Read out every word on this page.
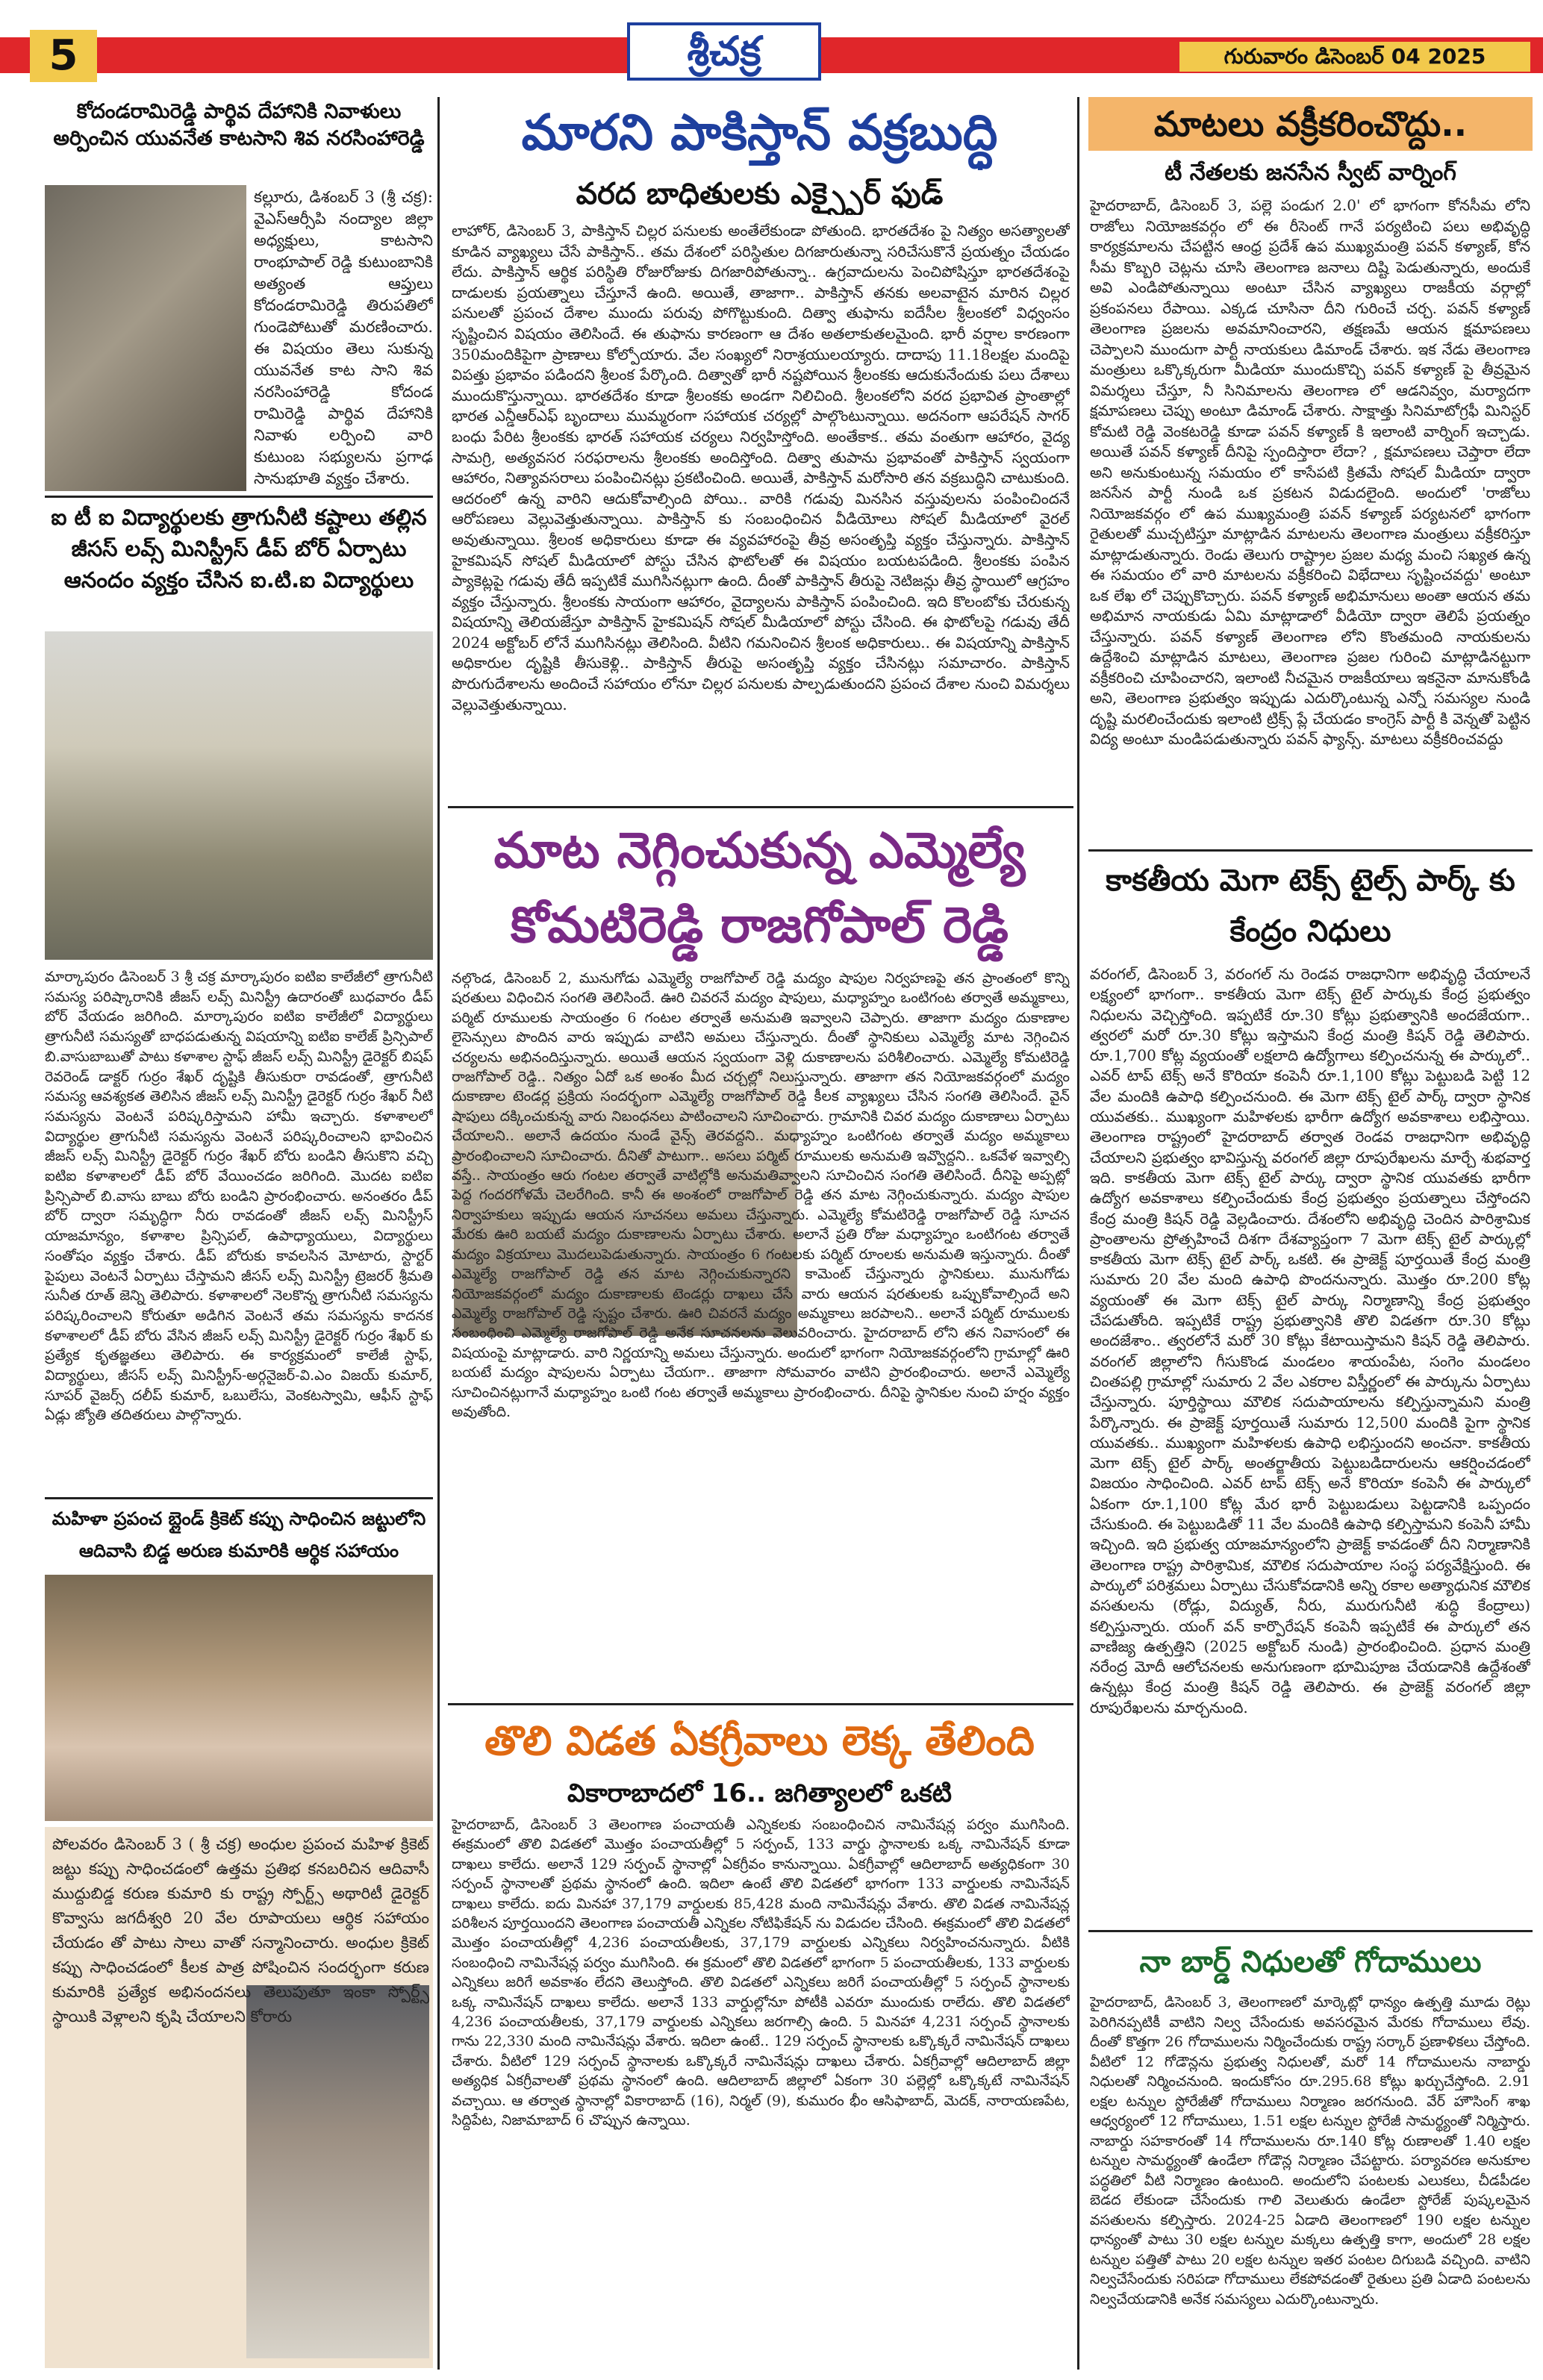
5	శ్రీచక్ర	గురువారం డిసెంబర్ 04 2025
కోదండరామిరెడ్డి పార్థివ దేహానికి నివాళులు అర్పించిన యువనేత కాటసాని శివ నరసింహారెడ్డి

కల్లూరు, డిశంబర్ 3 (శ్రీ చక్ర): వైఎస్ఆర్సీపి నంద్యాల జిల్లా అధ్యక్షులు, కాటసాని రాంభూపాల్ రెడ్డి కుటుంబానికి అత్యంత ఆప్తులు కోదండరామిరెడ్డి తిరుపతిలో గుండెపోటుతో మరణించారు. ఈ విషయం తెలు సుకున్న యువనేత కాట సాని శివ నరసింహారెడ్డి కోదండ రామిరెడ్డి పార్థివ దేహానికి నివాళు లర్పించి వారి కుటుంబ సభ్యులను ప్రగాఢ సానుభూతి వ్యక్తం చేశారు.

ఐ టీ ఐ విద్యార్థులకు త్రాగునీటి కష్టాలు తల్లిన జీసస్ లవ్స్ మినిస్ట్రీస్ డీప్ బోర్ ఏర్పాటు ఆనందం వ్యక్తం చేసిన ఐ.టి.ఐ విద్యార్థులు

మార్కాపురం డిసెంబర్ 3 శ్రీ చక్ర మార్కాపురం ఐటిఐ కాలేజీలో త్రాగునీటి సమస్య పరిష్కారానికి జీజస్ లవ్స్ మినిస్ట్రీ ఉదారంతో బుధవారం డీప్ బోర్ వేయడం జరిగింది. మార్కాపురం ఐటిఐ కాలేజీలో విద్యార్థులు త్రాగునీటి సమస్యతో బాధపడుతున్న విషయాన్ని ఐటిఐ కాలేజ్ ప్రిన్సిపాల్ బి.వాసుబాబుతో పాటు కళాశాల స్టాఫ్ జీజస్ లవ్స్ మినిస్ట్రీ డైరెక్టర్ బిషప్ రెవరెండ్ డాక్టర్ గుర్రం శేఖర్ దృష్టికి తీసుకురా రావడంతో, త్రాగునీటి సమస్య ఆవశ్యకత తెలిసిన జీజస్ లవ్స్ మినిస్ట్రీ డైరెక్టర్ గుర్రం శేఖర్ నీటి సమస్యను వెంటనే పరిష్కరిస్తామని హామీ ఇచ్చారు. కళాశాలలో విద్యార్థుల త్రాగునీటి సమస్యను వెంటనే పరిష్కరించాలని భావించిన జీజస్ లవ్స్ మినిస్ట్రీ డైరెక్టర్ గుర్రం శేఖర్ బోరు బండిని తీసుకొని వచ్చి ఐటిఐ కళాశాలలో డీప్ బోర్ వేయించడం జరిగింది. మొదట ఐటిఐ ప్రిన్సిపాల్ బి.వాసు బాబు బోరు బండిని ప్రారంభించారు. అనంతరం డీప్ బోర్ ద్వారా సమృద్ధిగా నీరు రావడంతో జీజస్ లవ్స్ మినిస్ట్రీస్ యాజమాన్యం, కళాశాల ప్రిన్సిపల్, ఉపాధ్యాయులు, విద్యార్థులు సంతోషం వ్యక్తం చేశారు. డీప్ బోరుకు కావలసిన మోటారు, స్టార్టర్ పైపులు వెంటనే ఏర్పాటు చేస్తామని జీసస్ లవ్స్ మినిస్ట్రీ ట్రెజరర్ శ్రీమతి సునీత రూత్ జెన్ని తెలిపారు. కళాశాలలో నెలకొన్న త్రాగునీటి సమస్యను పరిష్కరించాలని కోరుతూ అడిగిన వెంటనే తమ సమస్యను కాదనక కళాశాలలో డీప్ బోరు వేసిన జీజస్ లవ్స్ మినిస్ట్రీ డైరెక్టర్ గుర్రం శేఖర్ కు ప్రత్యేక కృతజ్ఞతలు తెలిపారు. ఈ కార్యక్రమంలో కాలేజీ స్టాఫ్, విద్యార్థులు, జీసస్ లవ్స్ మినిస్ట్రీస్-అర్గనైజర్-వి.ఎం విజయ్ కుమార్, సూపర్ వైజర్స్ దలీప్ కుమార్, ఒబులేసు, వెంకటస్వామి, ఆఫీస్ స్టాఫ్ ఏడ్లు జ్యోతి తదితరులు పాల్గొన్నారు.

మహిళా ప్రపంచ బ్లైండ్ క్రికెట్ కప్పు సాధించిన జట్టులోని ఆదివాసి బిడ్డ అరుణ కుమారికి ఆర్థిక సహాయం

పోలవరం డిసెంబర్ 3 ( శ్రీ చక్ర) అంధుల ప్రపంచ మహిళ క్రికెట్ జట్టు కప్పు సాధించడంలో ఉత్తమ ప్రతిభ కనబరిచిన ఆదివాసీ ముద్దుబిడ్డ కరుణ కుమారి కు రాష్ట్ర స్పోర్ట్స్ అథారిటీ డైరెక్టర్ కొవ్వాసు జగదీశ్వరి 20 వేల రూపాయలు ఆర్థిక సహాయం చేయడం తో పాటు సాలు వాతో సన్మానించారు. అంధుల క్రికెట్ కప్పు సాధించడంలో కీలక పాత్ర పోషించిన సందర్భంగా కరుణ కుమారికి ప్రత్యేక అభినందనలు తెలుపుతూ ఇంకా స్పోర్ట్స్ స్థాయికి వెళ్లాలని కృషి చేయాలని కోరారు

మారని పాకిస్తాన్ వక్రబుద్ధి
వరద బాధితులకు ఎక్స్పైర్ ఫుడ్

లాహోర్, డిసెంబర్ 3, పాకిస్తాన్ చిల్లర పనులకు అంతేలేకుండా పోతుంది. భారతదేశం పై నిత్యం అసత్యాలతో కూడిన వ్యాఖ్యలు చేసే పాకిస్తాన్.. తమ దేశంలో పరిస్థితుల దిగజారుతున్నా సరిచేసుకొనే ప్రయత్నం చేయడం లేదు. పాకిస్తాన్ ఆర్థిక పరిస్థితి రోజురోజుకు దిగజారిపోతున్నా.. ఉగ్రవాదులను పెంచిపోషిస్తూ భారతదేశంపై దాడులకు ప్రయత్నాలు చేస్తూనే ఉంది. అయితే, తాజాగా.. పాకిస్తాన్ తనకు అలవాటైన మారిన చిల్లర పనులతో ప్రపంచ దేశాల ముందు పరువు పోగొట్టుకుంది. దిత్వా తుఫాను ఐదేసీల శ్రీలంకలో విధ్వంసం సృష్టించిన విషయం తెలిసిందే. ఈ తుఫాను కారణంగా ఆ దేశం అతలాకుతలమైంది. భారీ వర్షాల కారణంగా 350మందికిపైగా ప్రాణాలు కోల్పోయారు. వేల సంఖ్యలో నిరాశ్రయులయ్యారు. దాదాపు 11.18లక్షల మందిపై విపత్తు ప్రభావం పడిందని శ్రీలంక పేర్కొంది. దిత్వాతో భారీ నష్టపోయిన శ్రీలంకకు ఆదుకునేందుకు పలు దేశాలు ముందుకొస్తున్నాయి. భారతదేశం కూడా శ్రీలంకకు అండగా నిలిచింది. శ్రీలంకలోని వరద ప్రభావిత ప్రాంతాల్లో భారత ఎన్డీఆర్ఎఫ్ బృందాలు ముమ్మరంగా సహాయక చర్యల్లో పాల్గొంటున్నాయి. అదనంగా ఆపరేషన్ సాగర్ బంధు పేరిట శ్రీలంకకు భారత్ సహాయక చర్యలు నిర్వహిస్తోంది. అంతేకాక.. తమ వంతుగా ఆహారం, వైద్య సామగ్రి, అత్యవసర సరఫరాలను శ్రీలంకకు అందిస్తోంది. దిత్వా తుపాను ప్రభావంతో పాకిస్తాన్ స్వయంగా ఆహారం, నిత్యావసరాలు పంపించినట్లు ప్రకటించింది. అయితే, పాకిస్తాన్ మరోసారి తన వక్రబుద్ధిని చాటుకుంది. ఆదరంలో ఉన్న వారిని ఆదుకోవాల్సింది పోయి.. వారికి గడువు మినసిన వస్తువులను పంపించిందనే ఆరోపణలు వెల్లువెత్తుతున్నాయి. పాకిస్తాన్ కు సంబంధించిన వీడియోలు సోషల్ మీడియాలో వైరల్ అవుతున్నాయి. శ్రీలంక అధికారులు కూడా ఈ వ్యవహారంపై తీవ్ర అసంతృప్తి వ్యక్తం చేస్తున్నారు. పాకిస్తాన్ హైకమిషన్ సోషల్ మీడియాలో పోస్టు చేసిన ఫొటోలతో ఈ విషయం బయటపడింది. శ్రీలంకకు పంపిన ప్యాకెట్లపై గడువు తేదీ ఇప్పటికే ముగిసినట్లుగా ఉంది. దీంతో పాకిస్తాన్ తీరుపై నెటిజన్లు తీవ్ర స్థాయిలో ఆగ్రహం వ్యక్తం చేస్తున్నారు. శ్రీలంకకు సాయంగా ఆహారం, వైద్యాలను పాకిస్తాన్ పంపించింది. ఇది కొలంబోకు చేరుకున్న విషయాన్ని తెలియజేస్తూ పాకిస్తాన్ హైకమిషన్ సోషల్ మీడియాలో పోస్టు చేసింది. ఈ ఫొటోలపై గడువు తేదీ 2024 అక్టోబర్ లోనే ముగిసినట్లు తెలిసింది. వీటిని గమనించిన శ్రీలంక అధికారులు.. ఈ విషయాన్ని పాకిస్తాన్ అధికారుల దృష్టికి తీసుకెళ్లి.. పాకిస్తాన్ తీరుపై అసంతృప్తి వ్యక్తం చేసినట్లు సమాచారం. పాకిస్తాన్ పొరుగుదేశాలను అందించే సహాయం లోనూ చిల్లర పనులకు పాల్పడుతుందని ప్రపంచ దేశాల నుంచి విమర్శలు వెల్లువెత్తుతున్నాయి.

మాట నెగ్గించుకున్న ఎమ్మెల్యే
కోమటిరెడ్డి రాజగోపాల్ రెడ్డి

నల్గొండ, డిసెంబర్ 2, మునుగోడు ఎమ్మెల్యే రాజగోపాల్ రెడ్డి మద్యం షాపుల నిర్వహణపై తన ప్రాంతంలో కొన్ని షరతులు విధించిన సంగతి తెలిసిందే. ఊరి చివరనే మద్యం షాపులు, మధ్యాహ్నం ఒంటిగంట తర్వాతే అమ్మకాలు, పర్మిట్ రూములకు సాయంత్రం 6 గంటల తర్వాతే అనుమతి ఇవ్వాలని చెప్పారు. తాజాగా మద్యం దుకాణాల లైసెన్సులు పొందిన వారు ఇప్పుడు వాటిని అమలు చేస్తున్నారు. దీంతో స్థానికులు ఎమ్మెల్యే మాట నెగ్గించిన చర్యలను అభినందిస్తున్నారు. అయితే ఆయన స్వయంగా వెళ్లి దుకాణాలను పరిశీలించారు. ఎమ్మెల్యే కోమటిరెడ్డి రాజగోపాల్ రెడ్డి.. నిత్యం ఏదో ఒక అంశం మీద చర్చల్లో నిలుస్తున్నారు. తాజాగా తన నియోజకవర్గంలో మద్యం దుకాణాల టెండర్ల ప్రక్రియ సందర్భంగా ఎమ్మెల్యే రాజగోపాల్ రెడ్డి కీలక వ్యాఖ్యలు చేసిన సంగతి తెలిసిందే. వైన్ షాపులు దక్కించుకున్న వారు నిబంధనలు పాటించాలని సూచించారు. గ్రామానికి చివర మద్యం దుకాణాలు ఏర్పాటు చేయాలని.. అలానే ఉదయం నుండే వైన్స్ తెరవద్దని.. మధ్యాహ్నం ఒంటిగంట తర్వాతే మద్యం అమ్మకాలు ప్రారంభించాలని సూచించారు. దీనితో పాటుగా.. అసలు పర్మిట్ రూములకు అనుమతి ఇవ్వొద్దని.. ఒకవేళ ఇవ్వాల్సి వస్తే.. సాయంత్రం ఆరు గంటల తర్వాతే వాటిల్లోకి అనుమతివ్వాలని సూచించిన సంగతి తెలిసిందే. దీనిపై అప్పట్లో పెద్ద గందరగోళమే చెలరేగింది. కానీ ఈ అంశంలో రాజగోపాల్ రెడ్డి తన మాట నెగ్గించుకున్నారు. మద్యం షాపుల నిర్వాహకులు ఇప్పుడు ఆయన సూచనలు అమలు చేస్తున్నారు. ఎమ్మెల్యే కోమటిరెడ్డి రాజగోపాల్ రెడ్డి సూచన మేరకు ఊరి బయటే మద్యం దుకాణాలను ఏర్పాటు చేశారు. అలానే ప్రతి రోజు మధ్యాహ్నం ఒంటిగంట తర్వాతే మద్యం విక్రయాలు మొదలుపెడుతున్నారు. సాయంత్రం 6 గంటలకు పర్మిట్ రూంలకు అనుమతి ఇస్తున్నారు. దీంతో ఎమ్మెల్యే రాజగోపాల్ రెడ్డి తన మాట నెగ్గించుకున్నారని కామెంట్ చేస్తున్నారు స్థానికులు. మునుగోడు నియోజకవర్గంలో మద్యం దుకాణాలకు టెండర్లు దాఖలు చేసే వారు ఆయన షరతులకు ఒప్పుకోవాల్సిందే అని ఎమ్మెల్యే రాజగోపాల్ రెడ్డి స్పష్టం చేశారు. ఊరి చివరనే మద్యం అమ్మకాలు జరపాలని.. అలానే పర్మిట్ రూములకు సంబంధించి ఎమ్మెల్యే రాజగోపాల్ రెడ్డి అనేక సూచనలను వెలువరించారు. హైదరాబాద్ లోని తన నివాసంలో ఈ విషయంపై మాట్లాడారు. వారి నిర్ణయాన్ని అమలు చేస్తున్నారు. అందులో భాగంగా నియోజకవర్గంలోని గ్రామాల్లో ఊరి బయటే మద్యం షాపులను ఏర్పాటు చేయగా.. తాజాగా సోమవారం వాటిని ప్రారంభించారు. అలానే ఎమ్మెల్యే సూచించినట్లుగానే మధ్యాహ్నం ఒంటి గంట తర్వాతే అమ్మకాలు ప్రారంభించారు. దీనిపై స్థానికుల నుంచి హర్షం వ్యక్తం అవుతోంది.

తొలి విడత ఏకగ్రీవాలు లెక్క తేలింది
వికారాబాదలో 16.. జగిత్యాలలో ఒకటి

హైదరాబాద్, డిసెంబర్ 3 తెలంగాణ పంచాయతీ ఎన్నికలకు సంబంధించిన నామినేషన్ల పర్వం ముగిసింది. ఈక్రమంలో తొలి విడతలో మొత్తం పంచాయతీల్లో 5 సర్పంచ్, 133 వార్డు స్థానాలకు ఒక్క నామినేషన్ కూడా దాఖలు కాలేదు. అలానే 129 సర్పంచ్ స్థానాల్లో ఏకగ్రీవం కానున్నాయి. ఏకగ్రీవాల్లో ఆదిలాబాద్ అత్యధికంగా 30 సర్పంచ్ స్థానాలతో ప్రథమ స్థానంలో ఉంది. ఇదిలా ఉంటే తొలి విడతలో భాగంగా 133 వార్డులకు నామినేషన్ దాఖలు కాలేదు. ఐదు మినహా 37,179 వార్డులకు 85,428 మంది నామినేషన్లు వేశారు. తొలి విడత నామినేషన్ల పరిశీలన పూర్తయిందని తెలంగాణ పంచాయతీ ఎన్నికల నోటిఫికేషన్ ను విడుదల చేసింది. ఈక్రమంలో తొలి విడతలో మొత్తం పంచాయతీల్లో 4,236 పంచాయతీలకు, 37,179 వార్డులకు ఎన్నికలు నిర్వహించనున్నారు. వీటికి సంబంధించి నామినేషన్ల పర్వం ముగిసింది. ఈ క్రమంలో తొలి విడతలో భాగంగా 5 పంచాయతీలకు, 133 వార్డులకు ఎన్నికలు జరిగే అవకాశం లేదని తెలుస్తోంది. తొలి విడతలో ఎన్నికలు జరిగే పంచాయతీల్లో 5 సర్పంచ్ స్థానాలకు ఒక్క నామినేషన్ దాఖలు కాలేదు. అలానే 133 వార్డుల్లోనూ పోటీకి ఎవరూ ముందుకు రాలేదు. తొలి విడతలో 4,236 పంచాయతీలకు, 37,179 వార్డులకు ఎన్నికలు జరగాల్సి ఉంది. 5 మినహా 4,231 సర్పంచ్ స్థానాలకు గాను 22,330 మంది నామినేషన్లు వేశారు. ఇదిలా ఉంటే.. 129 సర్పంచ్ స్థానాలకు ఒక్కొక్కరే నామినేషన్ దాఖలు చేశారు. వీటిలో 129 సర్పంచ్ స్థానాలకు ఒక్కొక్కరే నామినేషన్లు దాఖలు చేశారు. ఏకగ్రీవాల్లో ఆదిలాబాద్ జిల్లా అత్యధిక ఏకగ్రీవాలతో ప్రథమ స్థానంలో ఉంది. ఆదిలాబాద్ జిల్లాలో ఏకంగా 30 పల్లెల్లో ఒక్కొక్కటే నామినేషన్ వచ్చాయి. ఆ తర్వాత స్థానాల్లో వికారాబాద్ (16), నిర్మల్ (9), కుమురం భీం ఆసిఫాబాద్, మెదక్, నారాయణపేట, సిద్దిపేట, నిజామాబాద్ 6 చొప్పున ఉన్నాయి.

మాటలు వక్రీకరించొద్దు..
టీ నేతలకు జనసేన స్వీట్ వార్నింగ్

హైదరాబాద్, డిసెంబర్ 3, పల్లె పండుగ 2.0' లో భాగంగా కోనసీమ లోని రాజోలు నియోజకవర్గం లో ఈ రీసెంట్ గానే పర్యటించి పలు అభివృద్ధి కార్యక్రమాలను చేపట్టిన ఆంధ్ర ప్రదేశ్ ఉప ముఖ్యమంత్రి పవన్ కళ్యాణ్, కోన సీమ కొబ్బరి చెట్లను చూసి తెలంగాణ జనాలు దిష్టి పెడుతున్నారు, అందుకే అవి ఎండిపోతున్నాయి అంటూ చేసిన వ్యాఖ్యలు రాజకీయ వర్గాల్లో ప్రకంపనలు రేపాయి. ఎక్కడ చూసినా దీని గురించే చర్చ. పవన్ కళ్యాణ్ తెలంగాణ ప్రజలను అవమానించారని, తక్షణమే ఆయన క్షమాపణలు చెప్పాలని ముందుగా పార్టీ నాయకులు డిమాండ్ చేశారు. ఇక నేడు తెలంగాణ మంత్రులు ఒక్కొక్కరుగా మీడియా ముందుకొచ్చి పవన్ కళ్యాణ్ పై తీవ్రమైన విమర్శలు చేస్తూ, నీ సినిమాలను తెలంగాణ లో ఆడనివ్వం, మర్యాదగా క్షమాపణలు చెప్పు అంటూ డిమాండ్ చేశారు. సాక్షాత్తు సినిమాటోగ్రఫీ మినిస్టర్ కోమటి రెడ్డి వెంకటరెడ్డి కూడా పవన్ కళ్యాణ్ కి ఇలాంటి వార్నింగ్ ఇచ్చాడు. అయితే పవన్ కళ్యాణ్ దీనిపై స్పందిస్తారా లేదా? , క్షమాపణలు చెప్తారా లేదా అని అనుకుంటున్న సమయం లో కాసేపటి క్రితమే సోషల్ మీడియా ద్వారా జనసేన పార్టీ నుండి ఒక ప్రకటన విడుదలైంది. అందులో 'రాజోలు నియోజకవర్గం లో ఉప ముఖ్యమంత్రి పవన్ కళ్యాణ్ పర్యటనలో భాగంగా రైతులతో ముచ్చటిస్తూ మాట్లాడిన మాటలను తెలంగాణ మంత్రులు వక్రీకరిస్తూ మాట్లాడుతున్నారు. రెండు తెలుగు రాష్ట్రాల ప్రజల మధ్య మంచి సఖ్యత ఉన్న ఈ సమయం లో వారి మాటలను వక్రీకరించి విభేదాలు సృష్టించవద్దు' అంటూ ఒక లేఖ లో చెప్పుకొచ్చారు. పవన్ కళ్యాణ్ అభిమానులు అంతా ఆయన తమ అభిమాన నాయకుడు ఏమి మాట్లాడాలో వీడియో ద్వారా తెలిపే ప్రయత్నం చేస్తున్నారు. పవన్ కళ్యాణ్ తెలంగాణ లోని కొంతమంది నాయకులను ఉద్దేశించి మాట్లాడిన మాటలు, తెలంగాణ ప్రజల గురించి మాట్లాడినట్టుగా వక్రీకరించి చూపించారని, ఇలాంటి నీచమైన రాజకీయాలు ఇకనైనా మానుకోండి అని, తెలంగాణ ప్రభుత్వం ఇప్పుడు ఎదుర్కొంటున్న ఎన్నో సమస్యల నుండి దృష్టి మరలించేందుకు ఇలాంటి ట్రిక్స్ ప్లే చేయడం కాంగ్రెస్ పార్టీ కి వెన్నతో పెట్టిన విద్య అంటూ మండిపడుతున్నారు పవన్ ఫ్యాన్స్. మాటలు వక్రీకరించవద్దు

కాకతీయ మెగా టెక్స్ టైల్స్ పార్క్ కు కేంద్రం నిధులు

వరంగల్, డిసెంబర్ 3, వరంగల్ ను రెండవ రాజధానిగా అభివృద్ధి చేయాలనే లక్ష్యంలో భాగంగా.. కాకతీయ మెగా టెక్స్ టైల్ పార్కుకు కేంద్ర ప్రభుత్వం నిధులను వెచ్చిస్తోంది. ఇప్పటికే రూ.30 కోట్లు ప్రభుత్వానికి అందజేయగా.. త్వరలో మరో రూ.30 కోట్లు ఇస్తామని కేంద్ర మంత్రి కిషన్ రెడ్డి తెలిపారు. రూ.1,700 కోట్ల వ్యయంతో లక్షలాది ఉద్యోగాలు కల్పించనున్న ఈ పార్కులో.. ఎవర్ టాప్ టెక్స్ అనే కొరియా కంపెనీ రూ.1,100 కోట్లు పెట్టుబడి పెట్టి 12 వేల మందికి ఉపాధి కల్పించనుంది. ఈ మెగా టెక్స్ టైల్ పార్క్ ద్వారా స్థానిక యువతకు.. ముఖ్యంగా మహిళలకు భారీగా ఉద్యోగ అవకాశాలు లభిస్తాయి. తెలంగాణ రాష్ట్రంలో హైదరాబాద్ తర్వాత రెండవ రాజధానిగా అభివృద్ధి చేయాలని ప్రభుత్వం భావిస్తున్న వరంగల్ జిల్లా రూపురేఖలను మార్చే శుభవార్త ఇది. కాకతీయ మెగా టెక్స్ టైల్ పార్కు ద్వారా స్థానిక యువతకు భారీగా ఉద్యోగ అవకాశాలు కల్పించేందుకు కేంద్ర ప్రభుత్వం ప్రయత్నాలు చేస్తోందని కేంద్ర మంత్రి కిషన్ రెడ్డి వెల్లడించారు. దేశంలోని అభివృద్ధి చెందిన పారిశ్రామిక ప్రాంతాలను ప్రోత్సహించే దిశగా దేశవ్యాప్తంగా 7 మెగా టెక్స్ టైల్ పార్కుల్లో కాకతీయ మెగా టెక్స్ టైల్ పార్క్ ఒకటి. ఈ ప్రాజెక్ట్ పూర్తయితే కేంద్ర మంత్రి సుమారు 20 వేల మంది ఉపాధి పొందనున్నారు. మొత్తం రూ.200 కోట్ల వ్యయంతో ఈ మెగా టెక్స్ టైల్ పార్కు నిర్మాణాన్ని కేంద్ర ప్రభుత్వం చేపడుతోంది. ఇప్పటికే రాష్ట్ర ప్రభుత్వానికి తొలి విడతగా రూ.30 కోట్లు అందజేశాం.. త్వరలోనే మరో 30 కోట్లు కేటాయిస్తామని కిషన్ రెడ్డి తెలిపారు. వరంగల్ జిల్లాలోని గీసుకొండ మండలం శాయంపేట, సంగెం మండలం చింతపల్లి గ్రామాల్లో సుమారు 2 వేల ఎకరాల విస్తీర్ణంలో ఈ పార్కును ఏర్పాటు చేస్తున్నారు. పూర్తిస్థాయి మౌలిక సదుపాయాలను కల్పిస్తున్నామని మంత్రి పేర్కొన్నారు. ఈ ప్రాజెక్ట్ పూర్తయితే సుమారు 12,500 మందికి పైగా స్థానిక యువతకు.. ముఖ్యంగా మహిళలకు ఉపాధి లభిస్తుందని అంచనా. కాకతీయ మెగా టెక్స్ టైల్ పార్క్ అంతర్జాతీయ పెట్టుబడిదారులను ఆకర్షించడంలో విజయం సాధించింది. ఎవర్ టాప్ టెక్స్ అనే కొరియా కంపెనీ ఈ పార్కులో ఏకంగా రూ.1,100 కోట్ల మేర భారీ పెట్టుబడులు పెట్టడానికి ఒప్పందం చేసుకుంది. ఈ పెట్టుబడితో 11 వేల మందికి ఉపాధి కల్పిస్తామని కంపెనీ హామీ ఇచ్చింది. ఇది ప్రభుత్వ యాజమాన్యంలోని ప్రాజెక్ట్ కావడంతో దీని నిర్మాణానికి తెలంగాణ రాష్ట్ర పారిశ్రామిక, మౌలిక సదుపాయాల సంస్థ పర్యవేక్షిస్తుంది. ఈ పార్కులో పరిశ్రమలు ఏర్పాటు చేసుకోవడానికి అన్ని రకాల అత్యాధునిక మౌలిక వసతులను (రోడ్లు, విద్యుత్, నీరు, మురుగునీటి శుద్ధి కేంద్రాలు) కల్పిస్తున్నారు. యంగ్ వన్ కార్పొరేషన్ కంపెనీ ఇప్పటికే ఈ పార్కులో తన వాణిజ్య ఉత్పత్తిని (2025 అక్టోబర్ నుండి) ప్రారంభించింది. ప్రధాన మంత్రి నరేంద్ర మోదీ ఆలోచనలకు అనుగుణంగా భూమిపూజ చేయడానికి ఉద్దేశంతో ఉన్నట్లు కేంద్ర మంత్రి కిషన్ రెడ్డి తెలిపారు. ఈ ప్రాజెక్ట్ వరంగల్ జిల్లా రూపురేఖలను మార్చనుంది.

నా బార్డ్ నిధులతో గోదాములు

హైదరాబాద్, డిసెంబర్ 3, తెలంగాణలో మార్కెట్లో ధాన్యం ఉత్పత్తి మూడు రెట్లు పెరిగినప్పటికీ వాటిని నిల్వ చేసేందుకు అవసరమైన మేరకు గోదాములు లేవు. దీంతో కొత్తగా 26 గోదాములను నిర్మించేందుకు రాష్ట్ర సర్కార్ ప్రణాళికలు చేస్తోంది. వీటిలో 12 గోడౌన్లను ప్రభుత్వ నిధులతో, మరో 14 గోదాములను నాబార్డు నిధులతో నిర్మించనుంది. ఇందుకోసం రూ.295.68 కోట్లు ఖర్చుచేస్తోంది. 2.91 లక్షల టన్నుల స్టోరేజీతో గోదాములు నిర్మాణం జరగనుంది. వేర్ హౌసింగ్ శాఖ ఆధ్వర్యంలో 12 గోదాములు, 1.51 లక్షల టన్నుల స్టోరేజీ సామర్థ్యంతో నిర్మిస్తారు. నాబార్డు సహకారంతో 14 గోదాములను రూ.140 కోట్ల రుణాలతో 1.40 లక్షల టన్నుల సామర్థ్యంతో ఉండేలా గోడౌన్ల నిర్మాణం చేపట్టారు. పర్యావరణ అనుకూల పద్ధతిలో వీటి నిర్మాణం ఉంటుంది. అందులోని పంటలకు ఎలుకలు, చీడపీడల బెడద లేకుండా చేసేందుకు గాలి వెలుతురు ఉండేలా స్టోరేజ్ పుష్కలమైన వసతులను కల్పిస్తారు. 2024-25 ఏడాది తెలంగాణలో 190 లక్షల టన్నుల ధాన్యంతో పాటు 30 లక్షల టన్నుల మక్కలు ఉత్పత్తి కాగా, అందులో 28 లక్షల టన్నుల పత్తితో పాటు 20 లక్షల టన్నుల ఇతర పంటల దిగుబడి వచ్చింది. వాటిని నిల్వచేసేందుకు సరిపడా గోదాములు లేకపోవడంతో రైతులు ప్రతి ఏడాది పంటలను నిల్వచేయడానికి అనేక సమస్యలు ఎదుర్కొంటున్నారు.
